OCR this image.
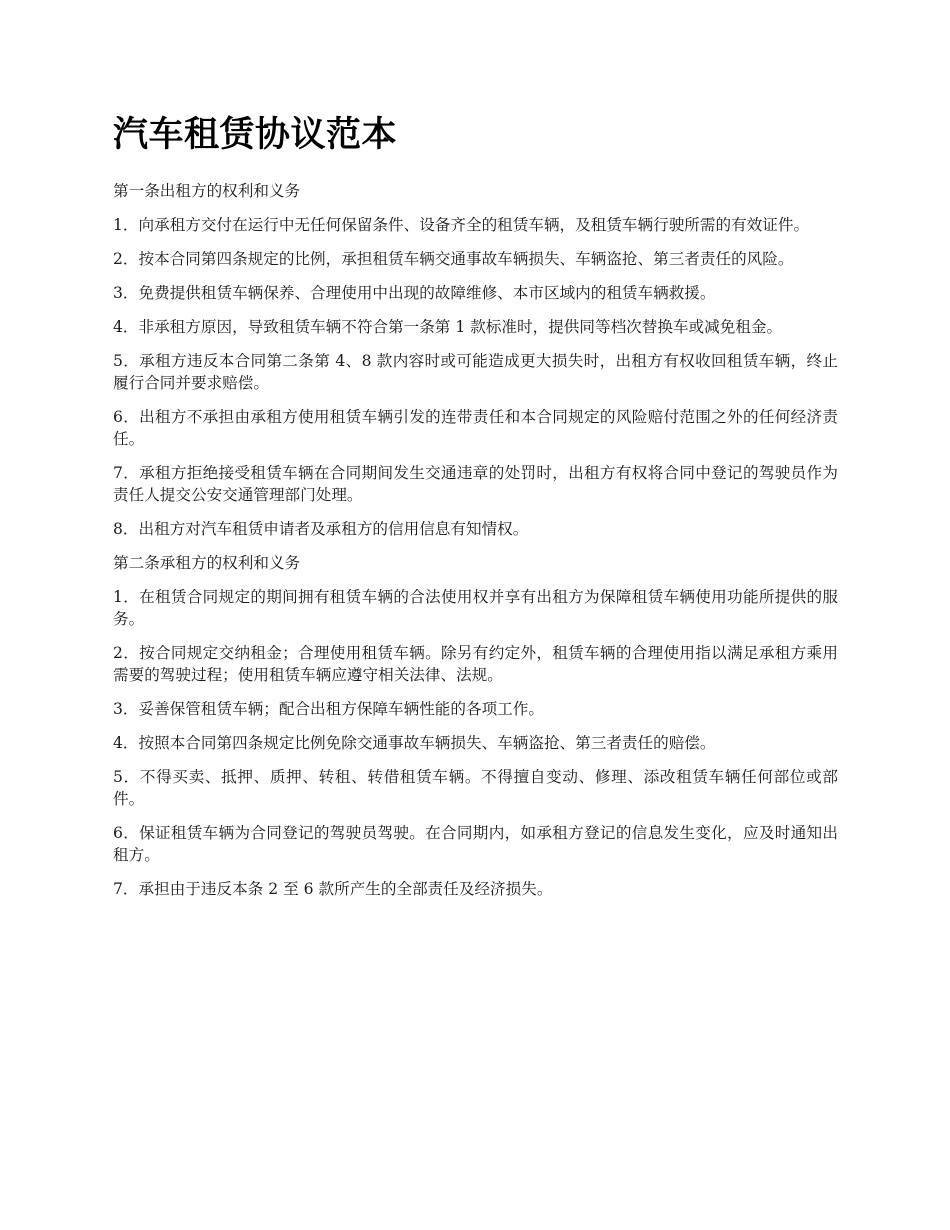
汽车租赁协议范本

第一条出租方的权利和义务

1．向承租方交付在运行中无任何保留条件、设备齐全的租赁车辆，及租赁车辆行驶所需的有效证件。

2．按本合同第四条规定的比例，承担租赁车辆交通事故车辆损失、车辆盗抢、第三者责任的风险。

3．免费提供租赁车辆保养、合理使用中出现的故障维修、本市区域内的租赁车辆救援。

4．非承租方原因，导致租赁车辆不符合第一条第 1 款标准时，提供同等档次替换车或减免租金。

5．承租方违反本合同第二条第 4、8 款内容时或可能造成更大损失时，出租方有权收回租赁车辆，终止履行合同并要求赔偿。

6．出租方不承担由承租方使用租赁车辆引发的连带责任和本合同规定的风险赔付范围之外的任何经济责任。

7．承租方拒绝接受租赁车辆在合同期间发生交通违章的处罚时，出租方有权将合同中登记的驾驶员作为责任人提交公安交通管理部门处理。

8．出租方对汽车租赁申请者及承租方的信用信息有知情权。

第二条承租方的权利和义务

1．在租赁合同规定的期间拥有租赁车辆的合法使用权并享有出租方为保障租赁车辆使用功能所提供的服务。

2．按合同规定交纳租金；合理使用租赁车辆。除另有约定外，租赁车辆的合理使用指以满足承租方乘用需要的驾驶过程；使用租赁车辆应遵守相关法律、法规。

3．妥善保管租赁车辆；配合出租方保障车辆性能的各项工作。

4．按照本合同第四条规定比例免除交通事故车辆损失、车辆盗抢、第三者责任的赔偿。

5．不得买卖、抵押、质押、转租、转借租赁车辆。不得擅自变动、修理、添改租赁车辆任何部位或部件。

6．保证租赁车辆为合同登记的驾驶员驾驶。在合同期内，如承租方登记的信息发生变化，应及时通知出租方。

7．承担由于违反本条 2 至 6 款所产生的全部责任及经济损失。
